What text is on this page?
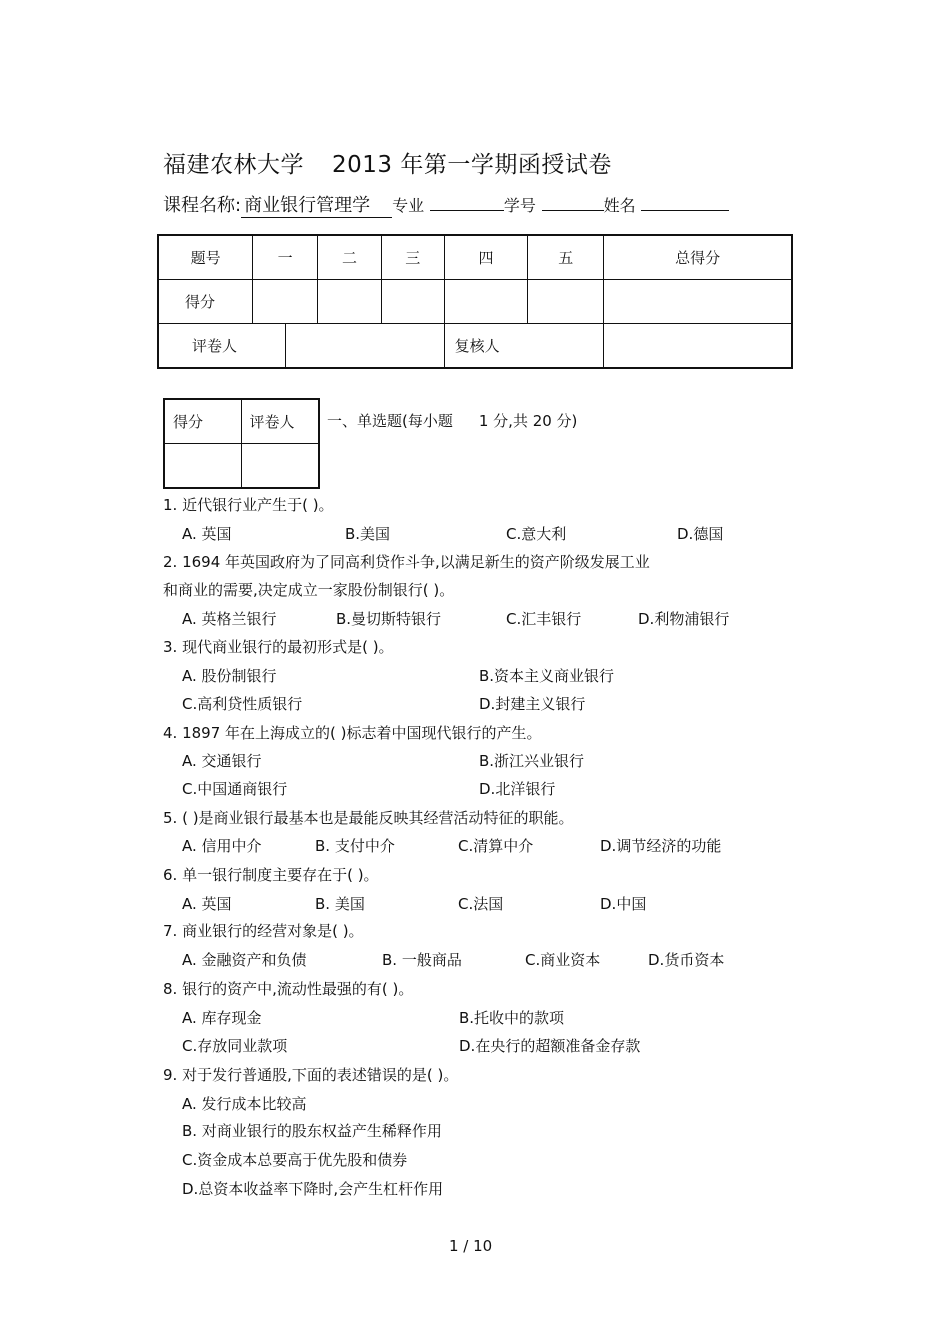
福建农林大学 2013 年第一学期函授试卷
课程名称: 商业银行管理学 专业	学号	姓名
题号	一		二	三	四	五	总得分
得分							
评卷人					复核人		
得分	评卷人
	一、单选题(每小题 1 分,共 20 分)
1. 近代银行业产生于( )。
A. 英国	B.美国	C.意大利	D.德国
2. 1694 年英国政府为了同高利贷作斗争,以满足新生的资产阶级发展工业
和商业的需要,决定成立一家股份制银行( )。
A. 英格兰银行	B.曼切斯特银行	C.汇丰银行	D.利物浦银行
3. 现代商业银行的最初形式是( )。
A. 股份制银行	B.资本主义商业银行
C.高利贷性质银行	D.封建主义银行
4. 1897 年在上海成立的( )标志着中国现代银行的产生。
A. 交通银行	B.浙江兴业银行
C.中国通商银行	D.北洋银行
5. ( )是商业银行最基本也是最能反映其经营活动特征的职能。
A. 信用中介	B. 支付中介	C.清算中介	D.调节经济的功能
6. 单一银行制度主要存在于( )。
A. 英国	B. 美国	C.法国	D.中国
7. 商业银行的经营对象是( )。
A. 金融资产和负债	B. 一般商品	C.商业资本	D.货币资本
8. 银行的资产中,流动性最强的有( )。
A. 库存现金	B.托收中的款项
C.存放同业款项	D.在央行的超额准备金存款
9. 对于发行普通股,下面的表述错误的是( )。
A. 发行成本比较高
B. 对商业银行的股东权益产生稀释作用
C.资金成本总要高于优先股和债券
D.总资本收益率下降时,会产生杠杆作用
1 / 10
